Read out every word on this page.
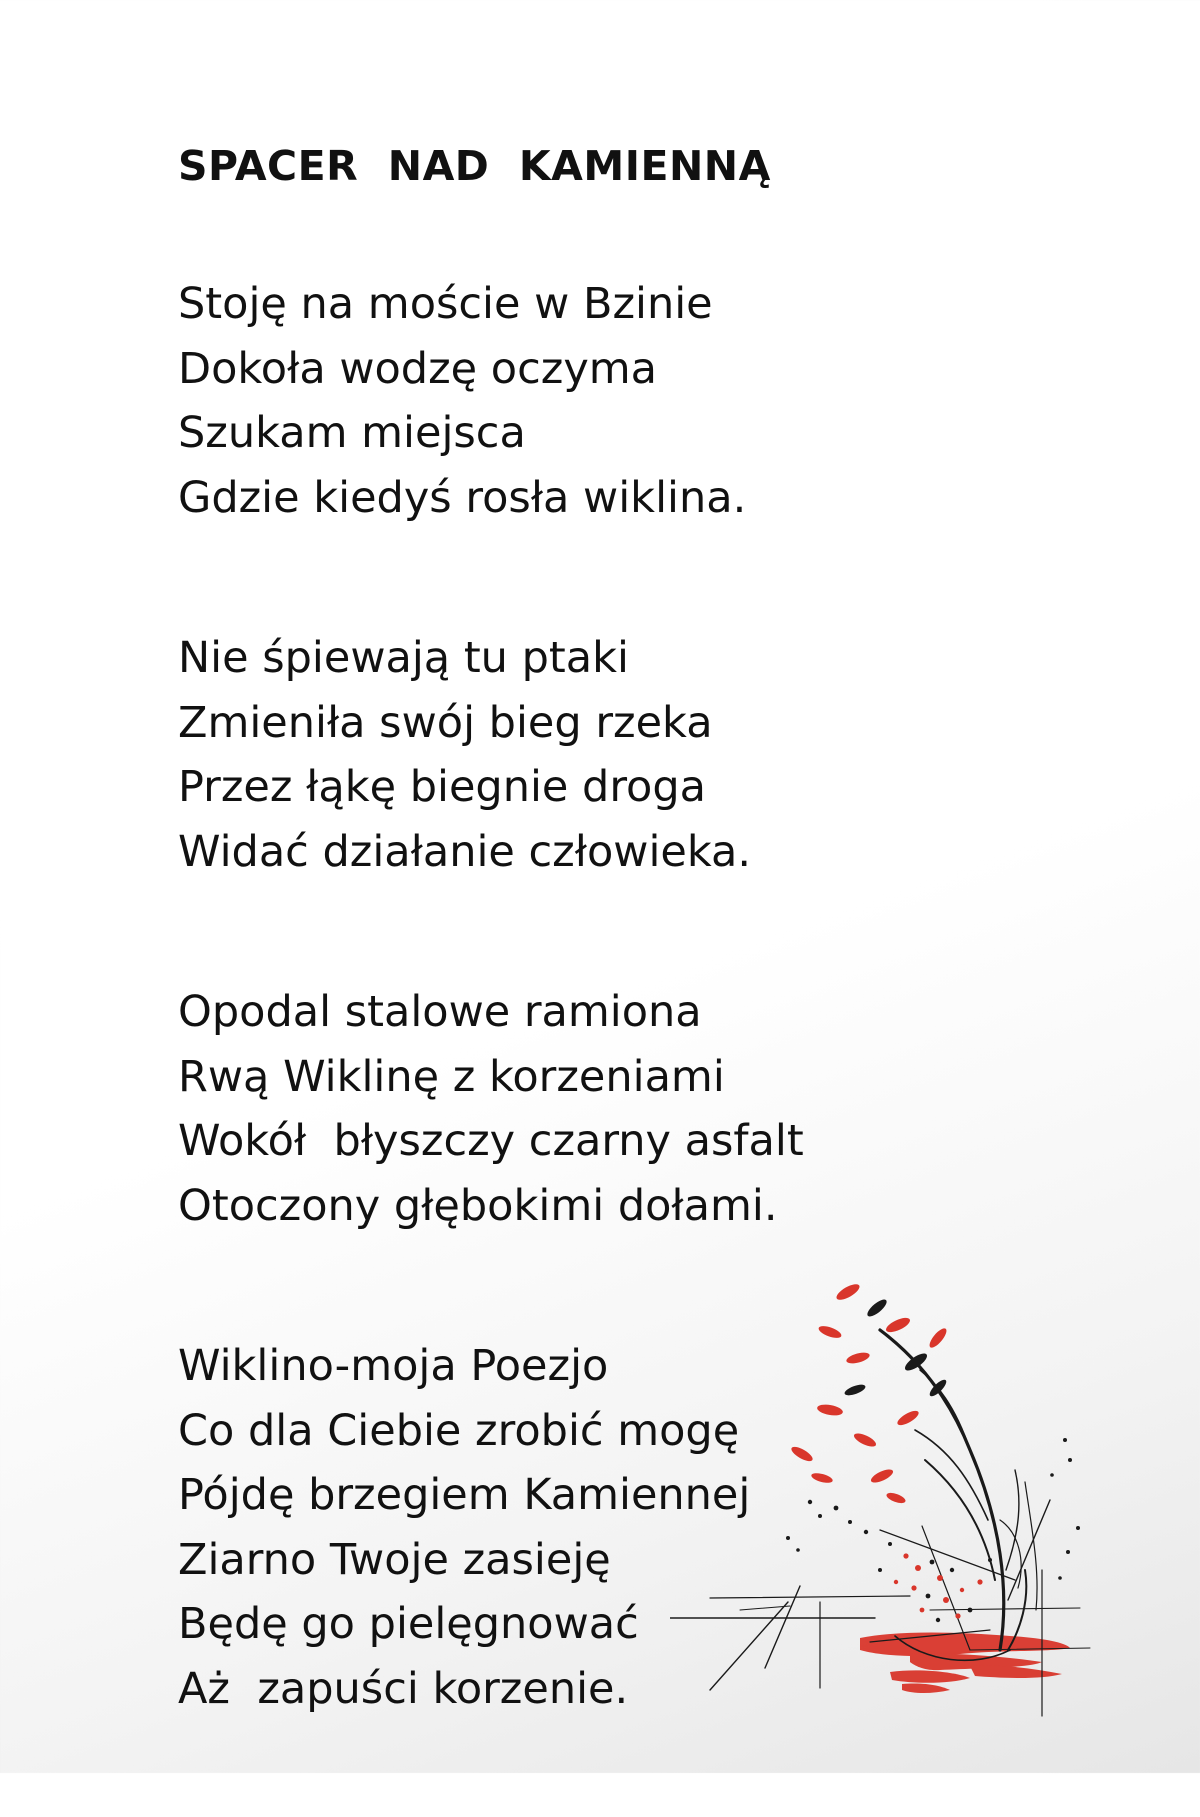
SPACER  NAD  KAMIENNĄ
Stoję na moście w Bzinie
Dokoła wodzę oczyma
Szukam miejsca
Gdzie kiedyś rosła wiklina.
Nie śpiewają tu ptaki
Zmieniła swój bieg rzeka
Przez łąkę biegnie droga
Widać działanie człowieka.
Opodal stalowe ramiona
Rwą Wiklinę z korzeniami
Wokół  błyszczy czarny asfalt
Otoczony głębokimi dołami.
Wiklino-moja Poezjo
Co dla Ciebie zrobić mogę
Pójdę brzegiem Kamiennej
Ziarno Twoje zasieję
Będę go pielęgnować
Aż  zapuści korzenie.
